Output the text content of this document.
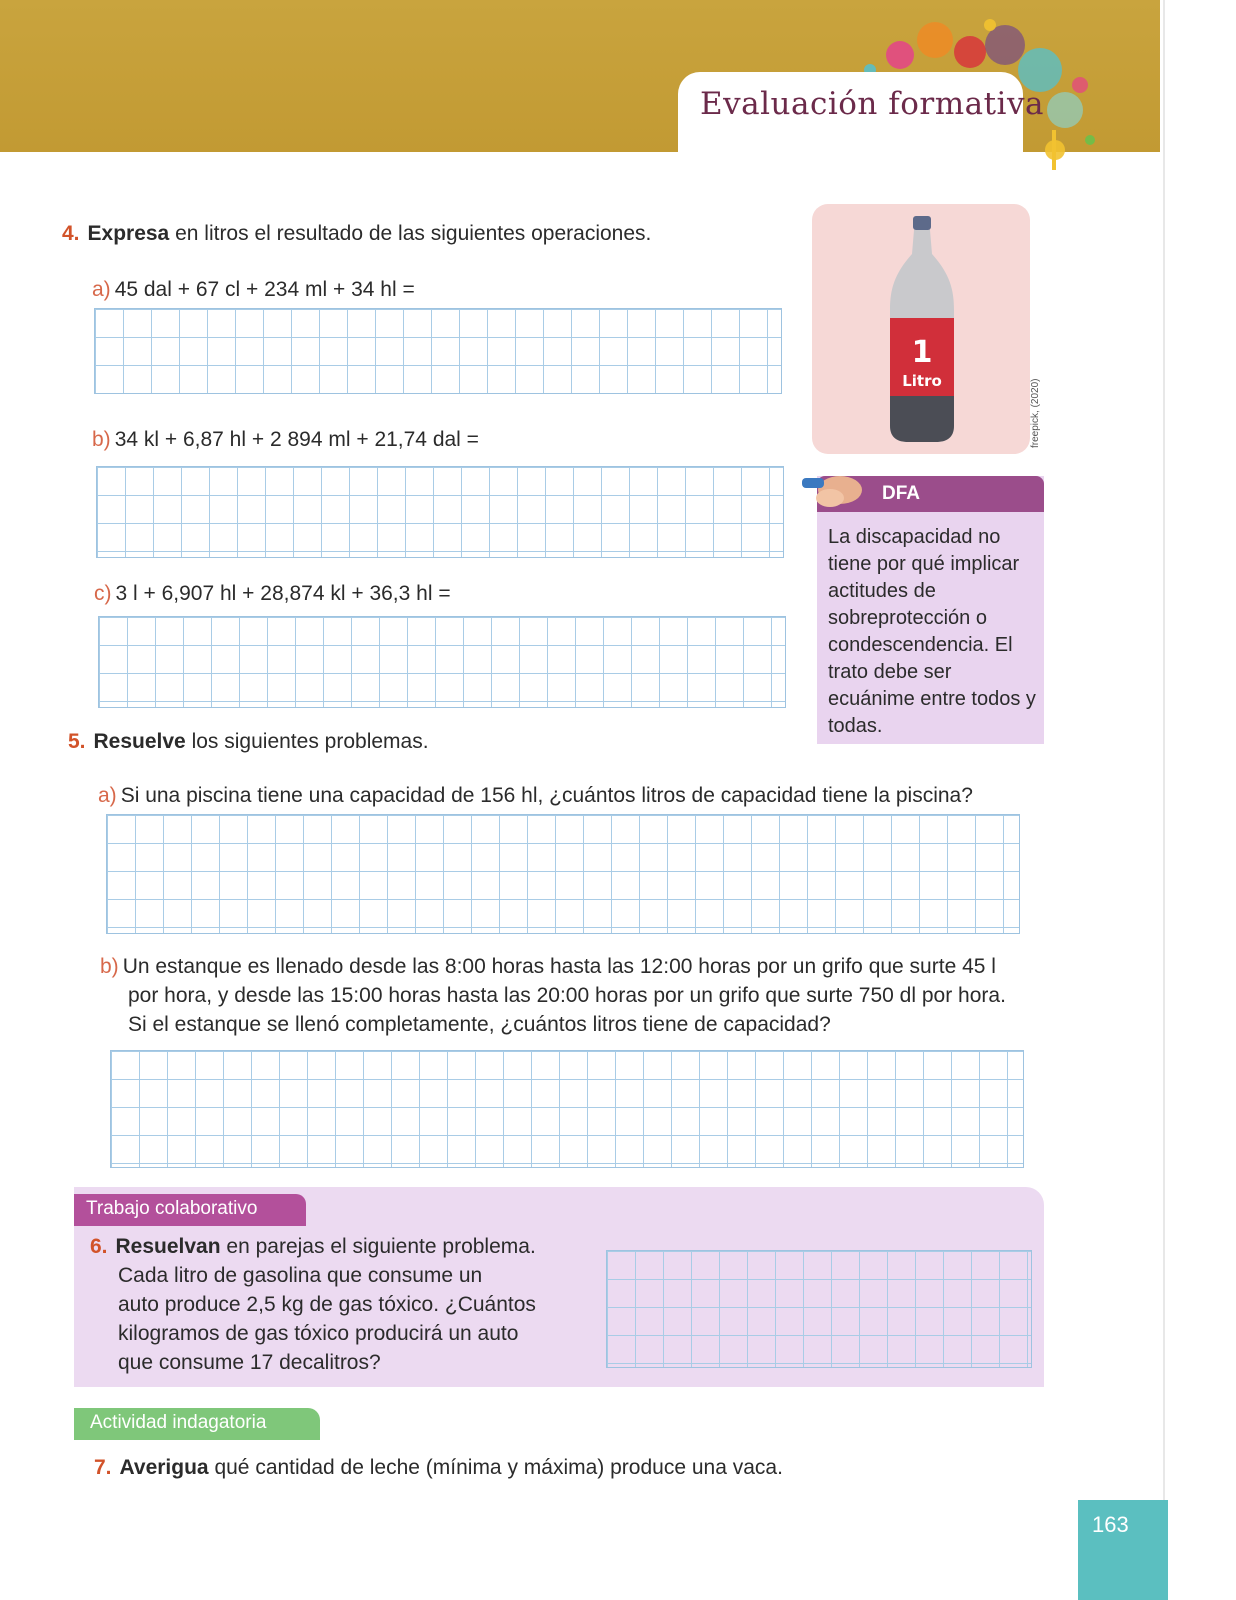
Evaluación formativa
4. Expresa en litros el resultado de las siguientes operaciones.
a) 45 dal + 67 cl + 234 ml + 34 hl =
b) 34 kl + 6,87 hl + 2 894 ml + 21,74 dal =
c) 3 l + 6,907 hl + 28,874 kl + 36,3 hl =
1
Litro	freepick, (2020)
DFA
La discapacidad no tiene por qué implicar actitudes de sobreprotección o condescendencia. El trato debe ser ecuánime entre todos y todas.
5. Resuelve los siguientes problemas.
a) Si una piscina tiene una capacidad de 156 hl, ¿cuántos litros de capacidad tiene la piscina?
b) Un estanque es llenado desde las 8:00 horas hasta las 12:00 horas por un grifo que surte 45 l
por hora, y desde las 15:00 horas hasta las 20:00 horas por un grifo que surte 750 dl por hora.
Si el estanque se llenó completamente, ¿cuántos litros tiene de capacidad?
Trabajo colaborativo
6. Resuelvan en parejas el siguiente problema.
Cada litro de gasolina que consume un
auto produce 2,5 kg de gas tóxico. ¿Cuántos
kilogramos de gas tóxico producirá un auto
que consume 17 decalitros?
Actividad indagatoria
7. Averigua qué cantidad de leche (mínima y máxima) produce una vaca.
163
